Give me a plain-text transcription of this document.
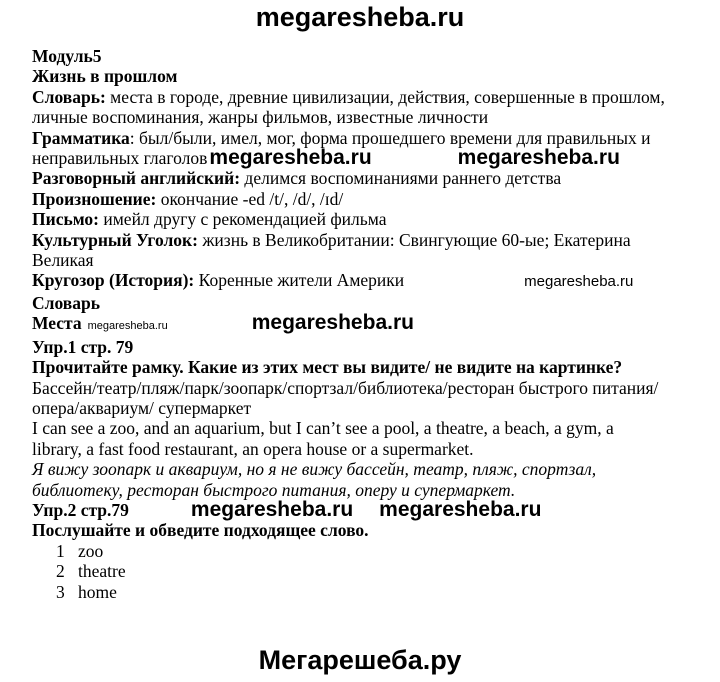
megaresheba.ru
Модуль5
Жизнь в прошлом
Словарь: места в городе, древние цивилизации, действия, совершенные в прошлом,
личные воспоминания, жанры фильмов, известные личности
Грамматика: был/были, имел, мог, форма прошедшего времени для правильных и
неправильных глаголовmegaresheba.ru	megaresheba.ru
Разговорный английский: делимся воспоминаниями раннего детства
Произношение: окончание -ed /t/, /d/, /ɪd/
Письмо: имейл другу с рекомендацией фильма
Культурный Уголок: жизнь в Великобритании: Свингующие 60-ые; Екатерина
Великая
Кругозор (История): Коренные жители Америки	megaresheba.ru
Словарь
Места megaresheba.ru	megaresheba.ru
Упр.1 стр. 79
Прочитайте рамку. Какие из этих мест вы видите/ не видите на картинке?
Бассейн/театр/пляж/парк/зоопарк/спортзал/библиотека/ресторан быстрого питания/
опера/аквариум/ супермаркет
I can see a zoo, and an aquarium, but I can’t see a pool, a theatre, a beach, a gym, a
library, a fast food restaurant, an opera house or a supermarket.
Я вижу зоопарк и аквариум, но я не вижу бассейн, театр, пляж, спортзал,
библиотеку, ресторан быстрого питания, оперу и супермаркет.
Упр.2 стр.79	megaresheba.ru megaresheba.ru
Послушайте и обведите подходящее слово.
1 zoo
2 theatre
3 home
Мегарешеба.ру
